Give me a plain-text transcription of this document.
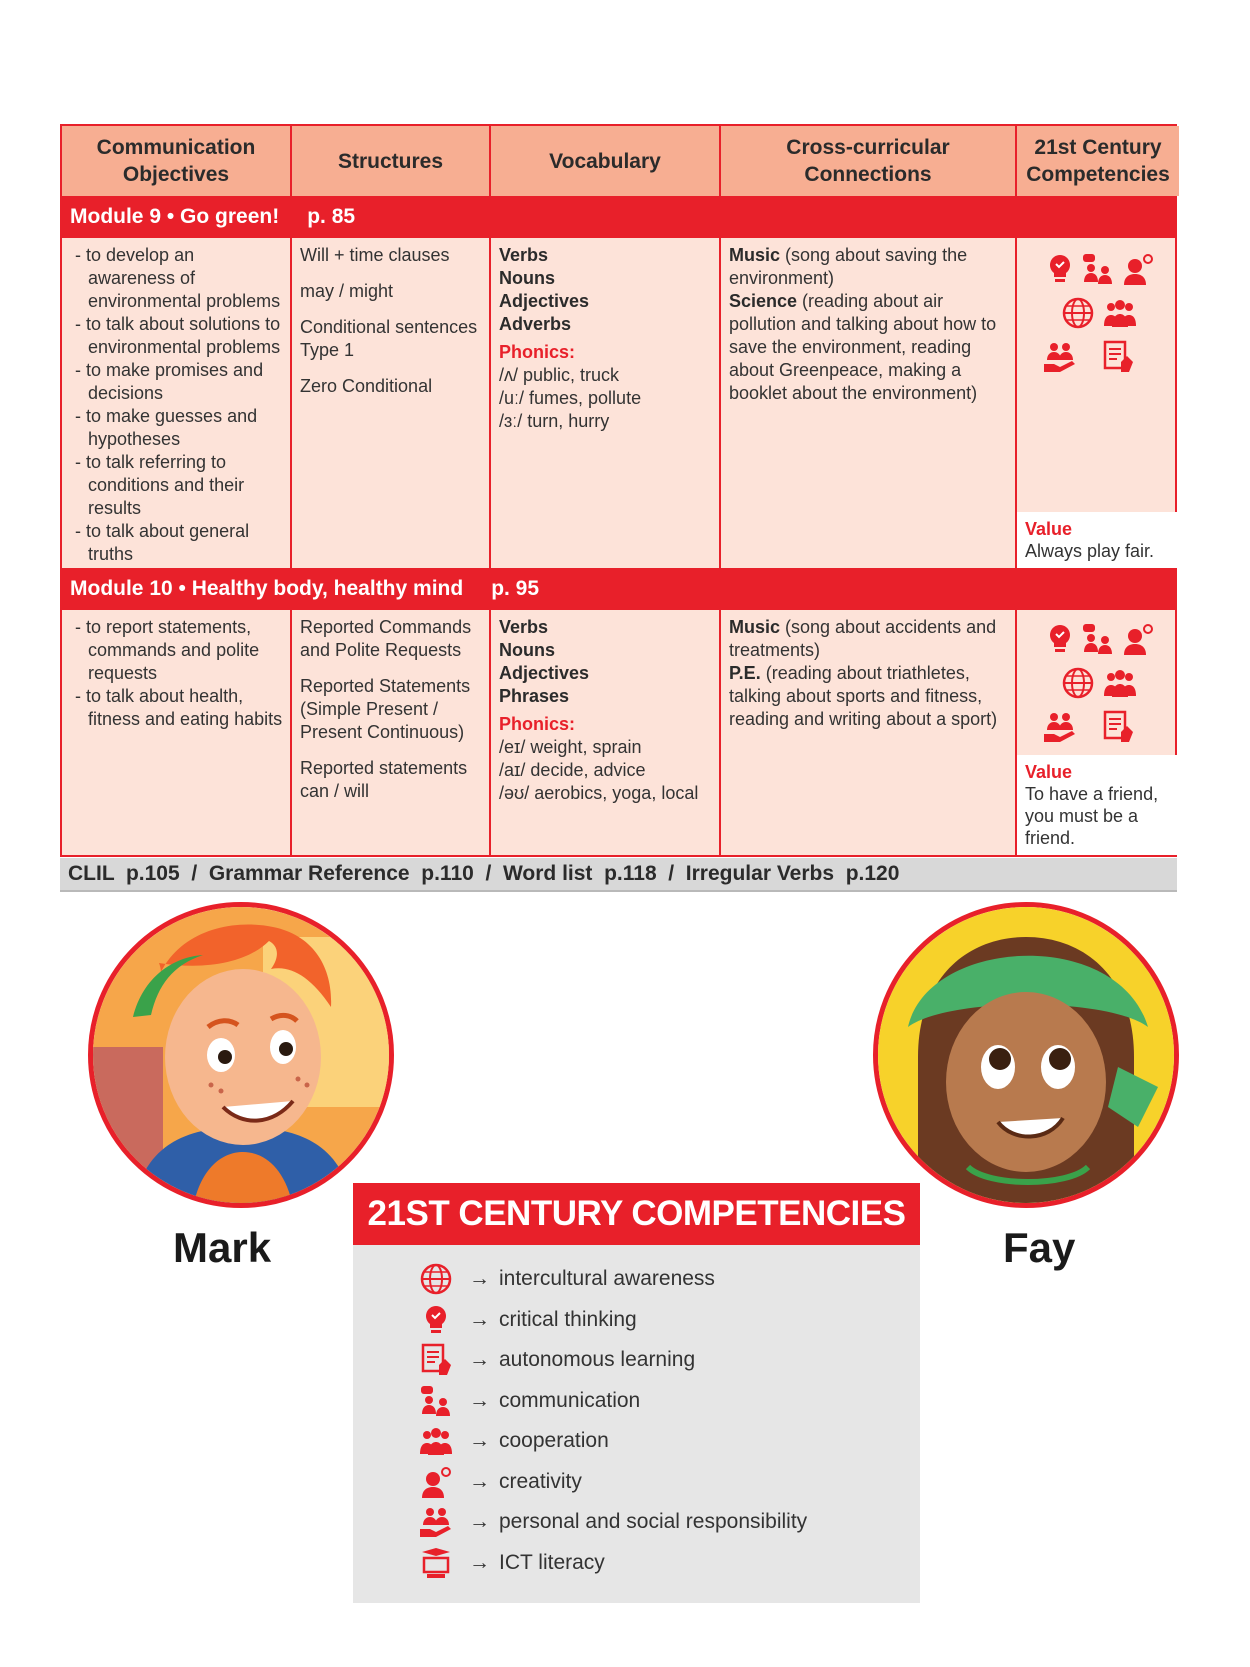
Communication Objectives
Structures	Vocabulary
Cross-curricular Connections
21st Century Competencies
Module 9 • Go green! p. 85
- to develop an awareness of environmental problems
- to talk about solutions to environmental problems
- to make promises and decisions
- to make guesses and hypotheses
- to talk referring to conditions and their results
- to talk about general truths

Will + time clauses

may / might

Conditional sentences Type 1

Zero Conditional

Verbs
Nouns
Adjectives
Adverbs
Phonics:
/ʌ/ public, truck
/uː/ fumes, pollute
/ɜː/ turn, hurry
Music (song about saving the environment)
Science (reading about air pollution and talking about how to save the environment, reading about Greenpeace, making a booklet about the environment)
Value
Always play fair.
Module 10 • Healthy body, healthy mind p. 95
- to report statements, commands and polite requests
- to talk about health, fitness and eating habits

Reported Commands and Polite Requests

Reported Statements (Simple Present / Present Continuous)

Reported statements can / will

Verbs
Nouns
Adjectives
Phrases
Phonics:
/eɪ/ weight, sprain
/aɪ/ decide, advice
/əʊ/ aerobics, yoga, local
Music (song about accidents and treatments)
P.E. (reading about triathletes, talking about sports and fitness, reading and writing about a sport)
Value
To have a friend, you must be a friend.
CLIL  p.105  /  Grammar Reference  p.110  /  Word list  p.118  /  Irregular Verbs  p.120
Mark	Fay
21ST CENTURY COMPETENCIES
→ intercultural awareness
→ critical thinking
→ autonomous learning
→ communication
→ cooperation
→ creativity
→ personal and social responsibility
→ ICT literacy
